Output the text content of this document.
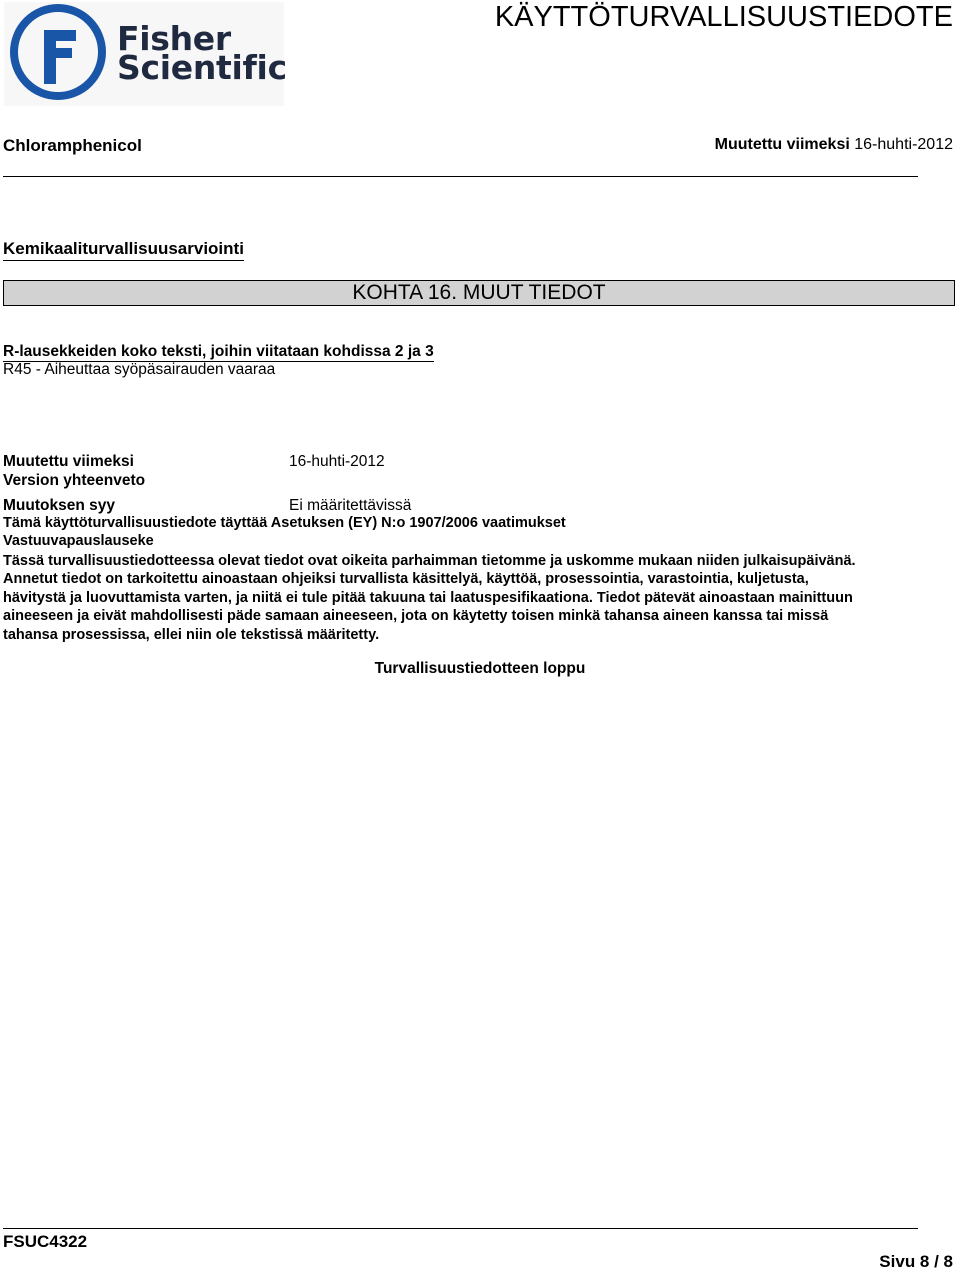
Fisher
Scientific
KÄYTTÖTURVALLISUUSTIEDOTE
Chloramphenicol	Muutettu viimeksi 16-huhti-2012
Kemikaaliturvallisuusarviointi
KOHTA 16. MUUT TIEDOT
R-lausekkeiden koko teksti, joihin viitataan kohdissa 2 ja 3
R45 - Aiheuttaa syöpäsairauden vaaraa
Muutettu viimeksi	16-huhti-2012
Version yhteenveto
Muutoksen syy	Ei määritettävissä
Tämä käyttöturvallisuustiedote täyttää Asetuksen (EY) N:o 1907/2006 vaatimukset
Vastuuvapauslauseke
Tässä turvallisuustiedotteessa olevat tiedot ovat oikeita parhaimman tietomme ja uskomme mukaan niiden julkaisupäivänä.
Annetut tiedot on tarkoitettu ainoastaan ohjeiksi turvallista käsittelyä, käyttöä, prosessointia, varastointia, kuljetusta,
hävitystä ja luovuttamista varten, ja niitä ei tule pitää takuuna tai laatuspesifikaationa. Tiedot pätevät ainoastaan mainittuun
aineeseen ja eivät mahdollisesti päde samaan aineeseen, jota on käytetty toisen minkä tahansa aineen kanssa tai missä
tahansa prosessissa, ellei niin ole tekstissä määritetty.
Turvallisuustiedotteen loppu
FSUC4322
Sivu 8 / 8
